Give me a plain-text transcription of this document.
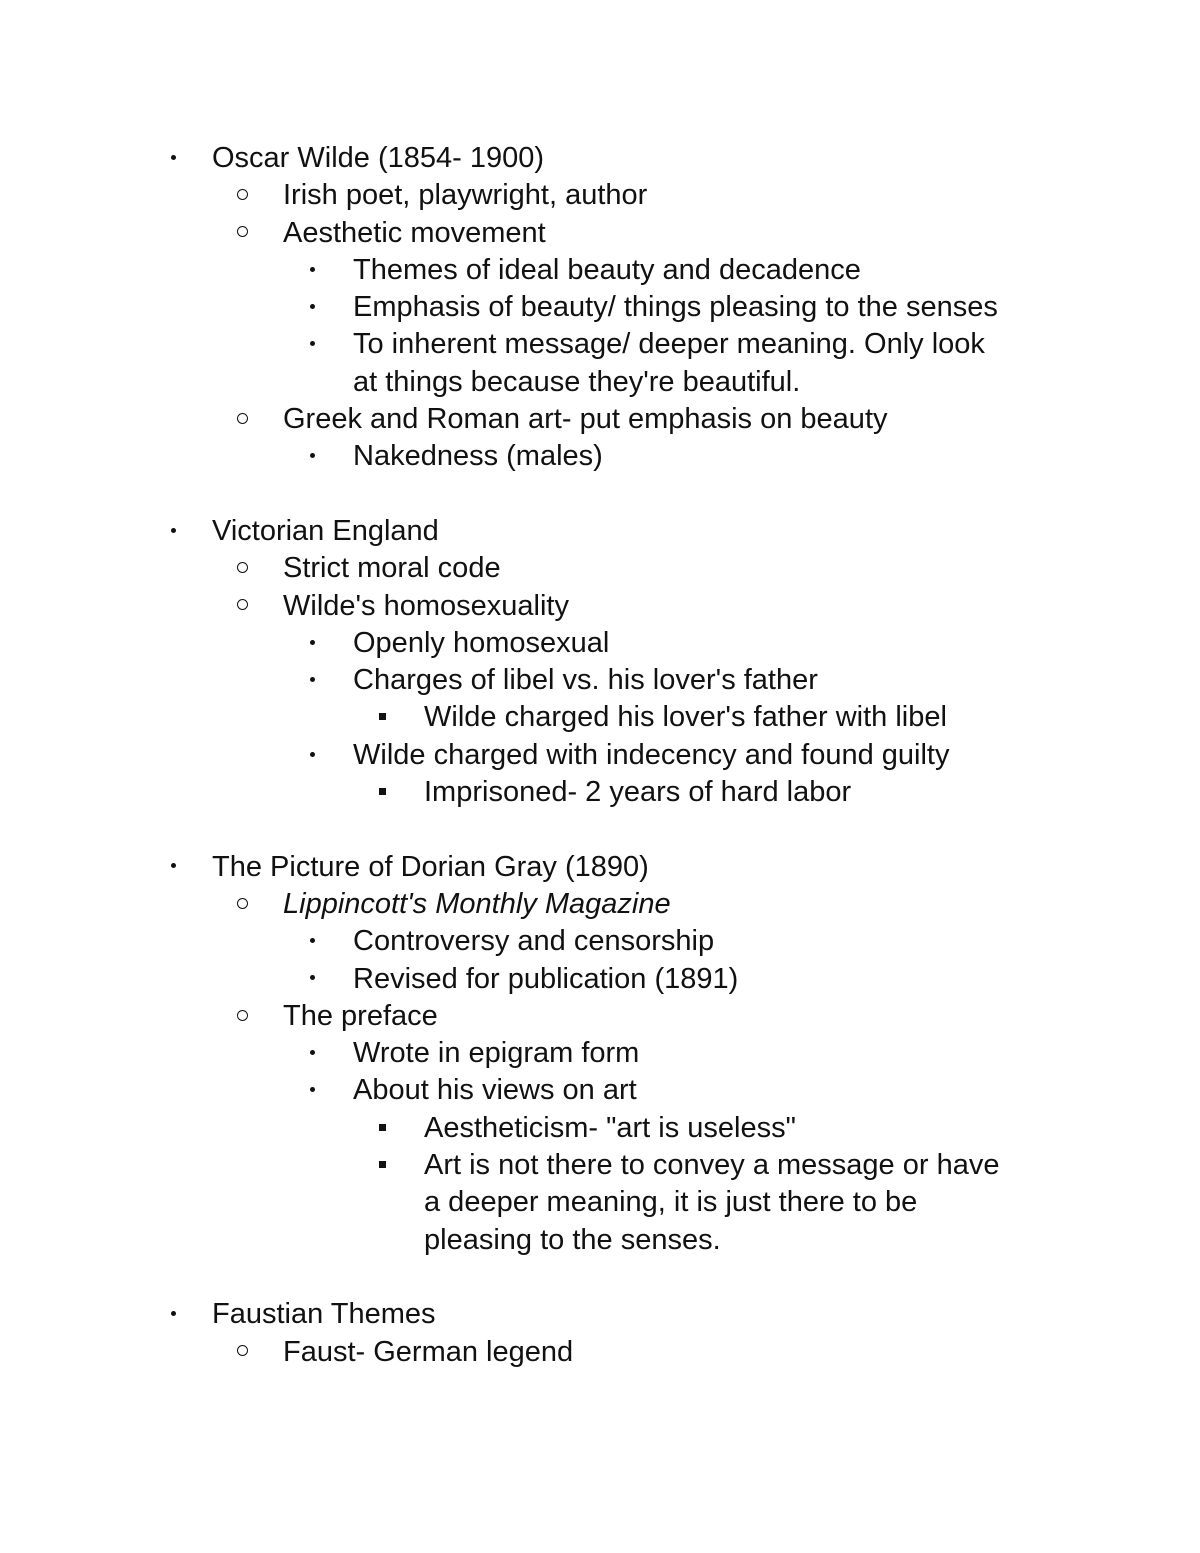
Oscar Wilde (1854- 1900)
Irish poet, playwright, author
Aesthetic movement
Themes of ideal beauty and decadence
Emphasis of beauty/ things pleasing to the senses
To inherent message/ deeper meaning. Only look
at things because they're beautiful.
Greek and Roman art- put emphasis on beauty
Nakedness (males)
Victorian England
Strict moral code
Wilde's homosexuality
Openly homosexual
Charges of libel vs. his lover's father
Wilde charged his lover's father with libel
Wilde charged with indecency and found guilty
Imprisoned- 2 years of hard labor
The Picture of Dorian Gray (1890)
Lippincott's Monthly Magazine
Controversy and censorship
Revised for publication (1891)
The preface
Wrote in epigram form
About his views on art
Aestheticism- "art is useless"
Art is not there to convey a message or have
a deeper meaning, it is just there to be
pleasing to the senses.
Faustian Themes
Faust- German legend
